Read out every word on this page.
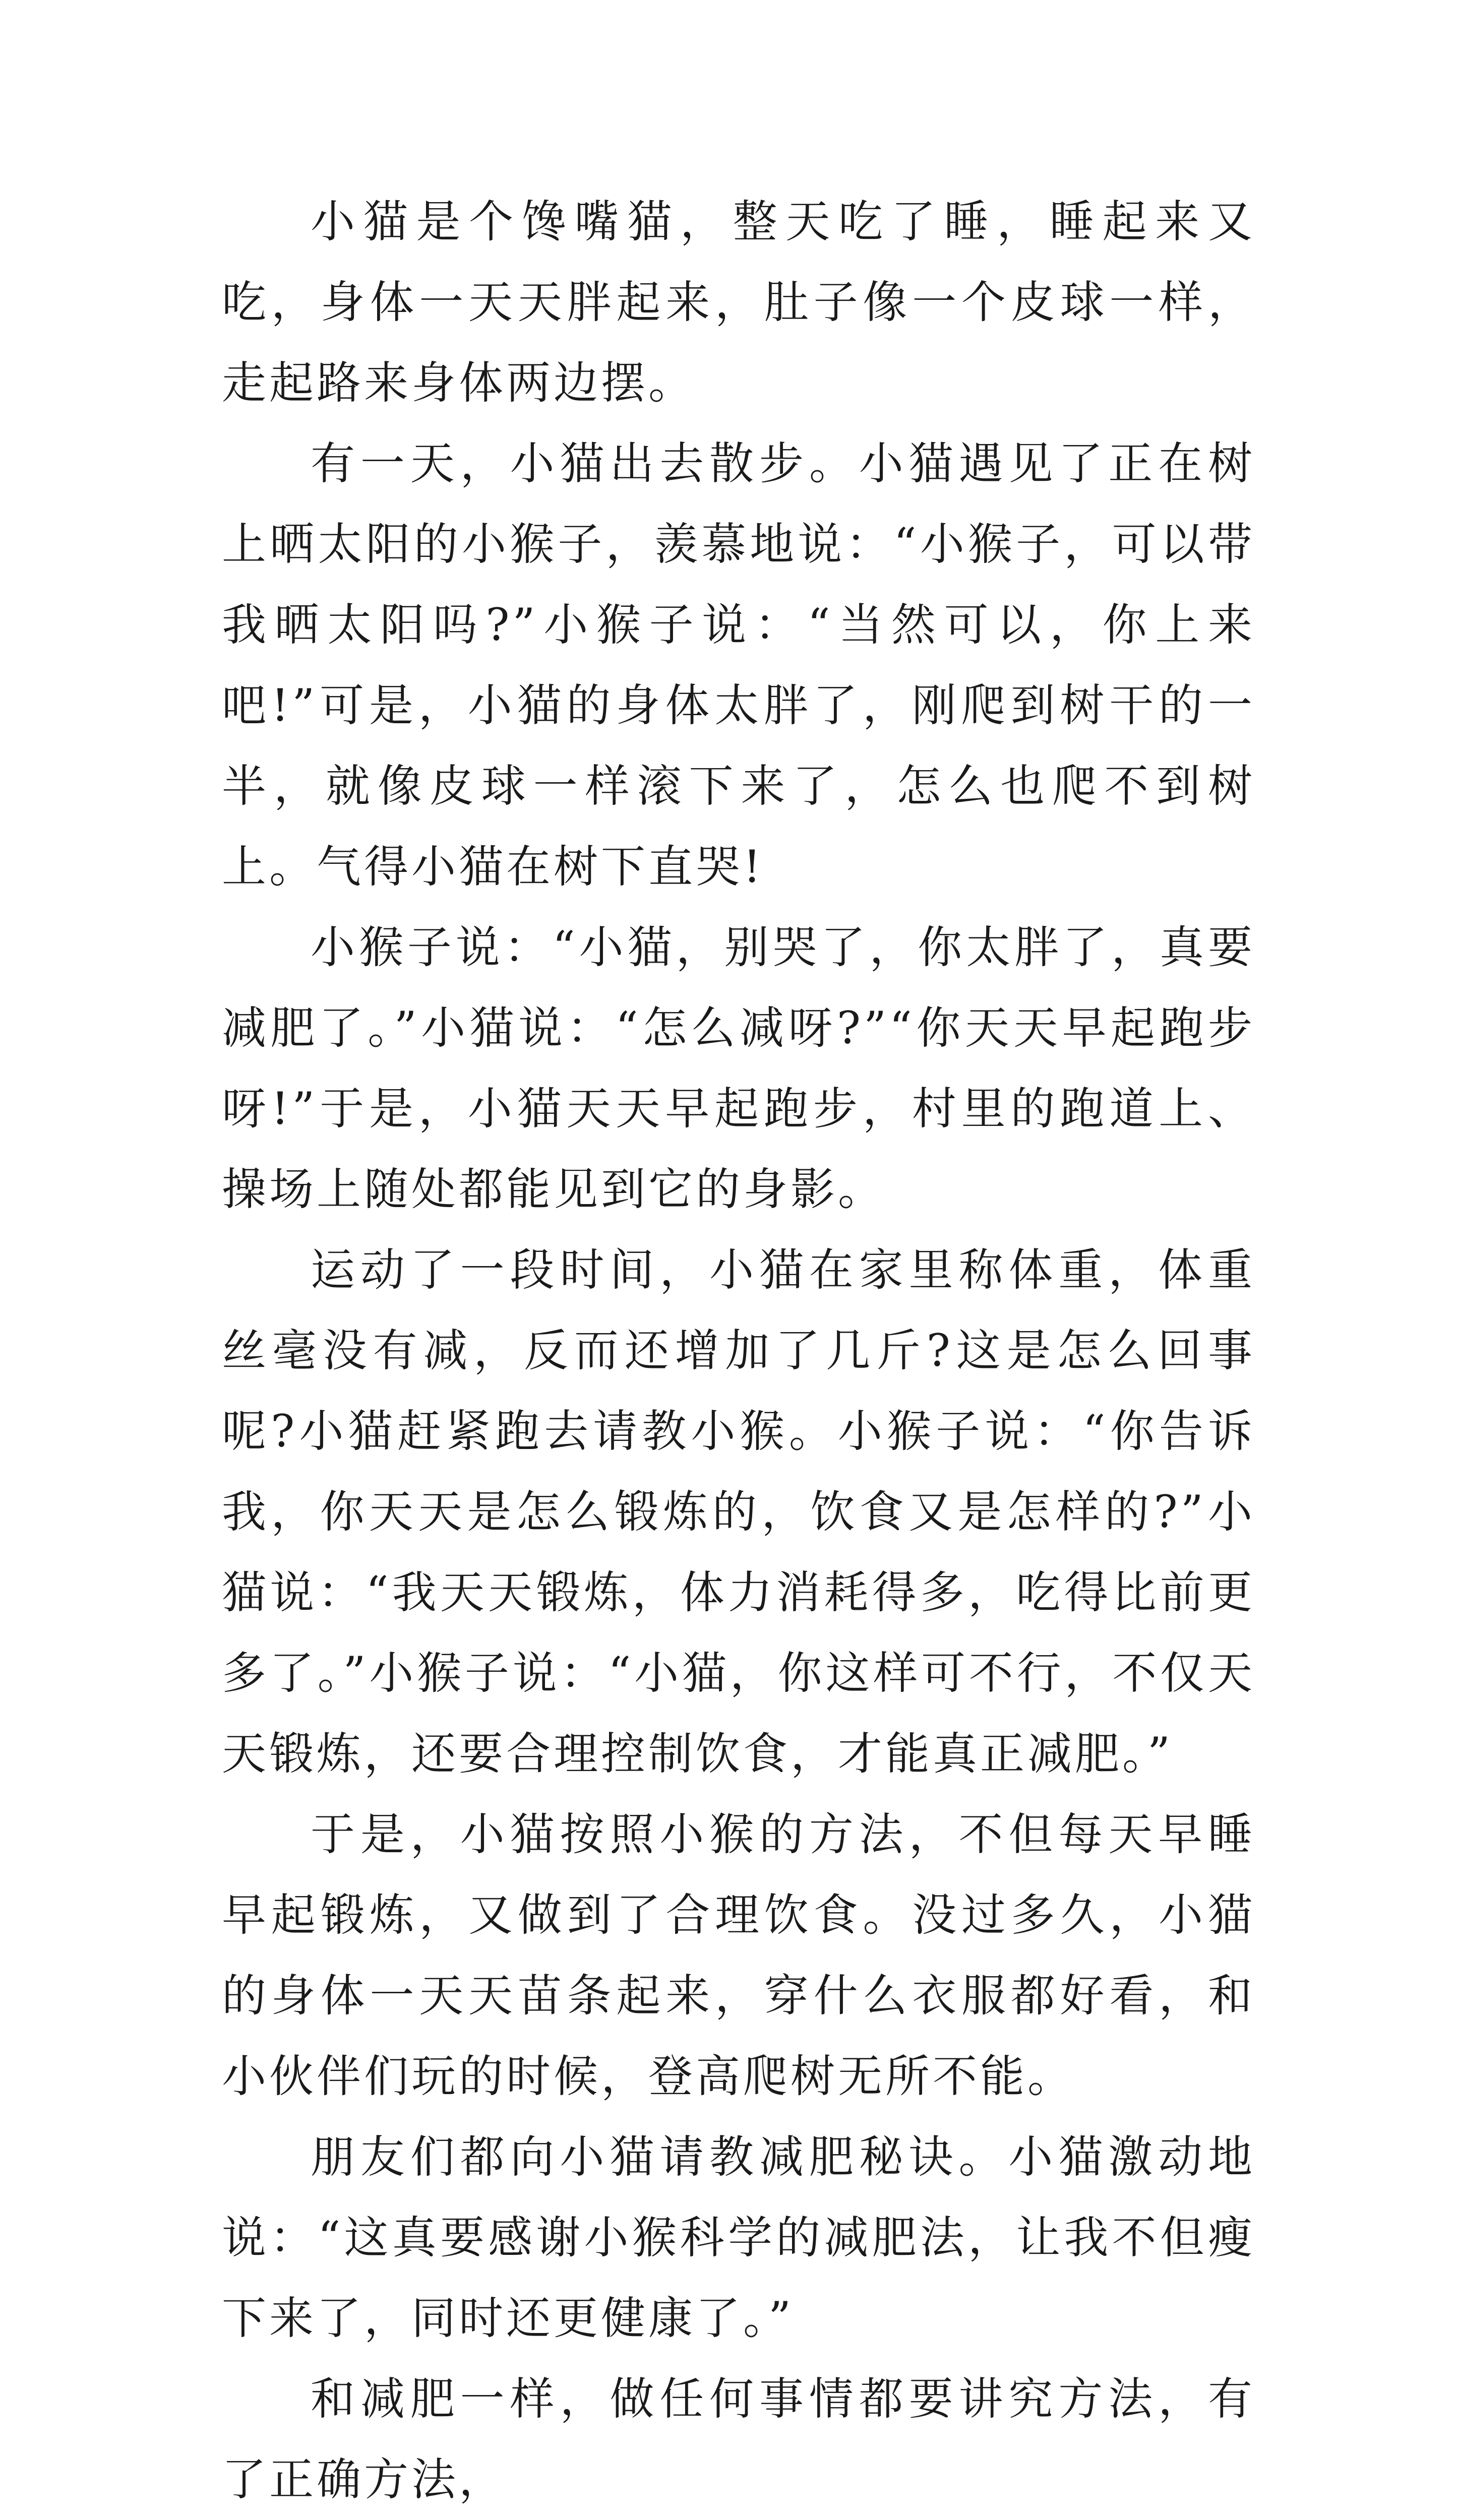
小猫是个馋嘴猫，整天吃了睡，睡起来又吃，身体一天天胖起来，肚子像一个皮球一样，走起路来身体两边摆。

有一天，小猫出去散步。小猫遇见了正在树上晒太阳的小猴子，羡慕地说：“小猴子，可以带我晒太阳吗?”小猴子说：“当然可以，你上来吧!”可是，小猫的身体太胖了，刚爬到树干的一半，就像皮球一样滚下来了，怎么也爬不到树上。气得小猫在树下直哭!

小猴子说：“小猫，别哭了，你太胖了，真要减肥了。”小猫说：“怎么减呀?”“你天天早起跑步呀!”于是，小猫天天早起跑步，村里的跑道上、操场上随处都能见到它的身影。

运动了一段时间，小猫在家里称体重，体重丝毫没有减，反而还增加了几斤?这是怎么回事呢?小猫赶紧跑去请教小猴。小猴子说：“你告诉我，你天天是怎么锻炼的，饮食又是怎样的?”小猫说：“我天天锻炼，体力消耗得多，吃得比前更多了。”小猴子说：“小猫，你这样可不行，不仅天天锻炼，还要合理控制饮食，才能真正减肥。”

于是，小猫按照小猴的方法，不但每天早睡早起锻炼，又做到了合理饮食。没过多久，小猫的身体一天天苗条起来，穿什么衣服都好看，和小伙伴们玩的时候，登高爬树无所不能。

朋友们都向小猫请教减肥秘诀。小猫激动地说：“这真要感谢小猴科学的减肥法，让我不但瘦下来了，同时还更健康了。”

和减肥一样，做任何事情都要讲究方法，有了正确方法，
